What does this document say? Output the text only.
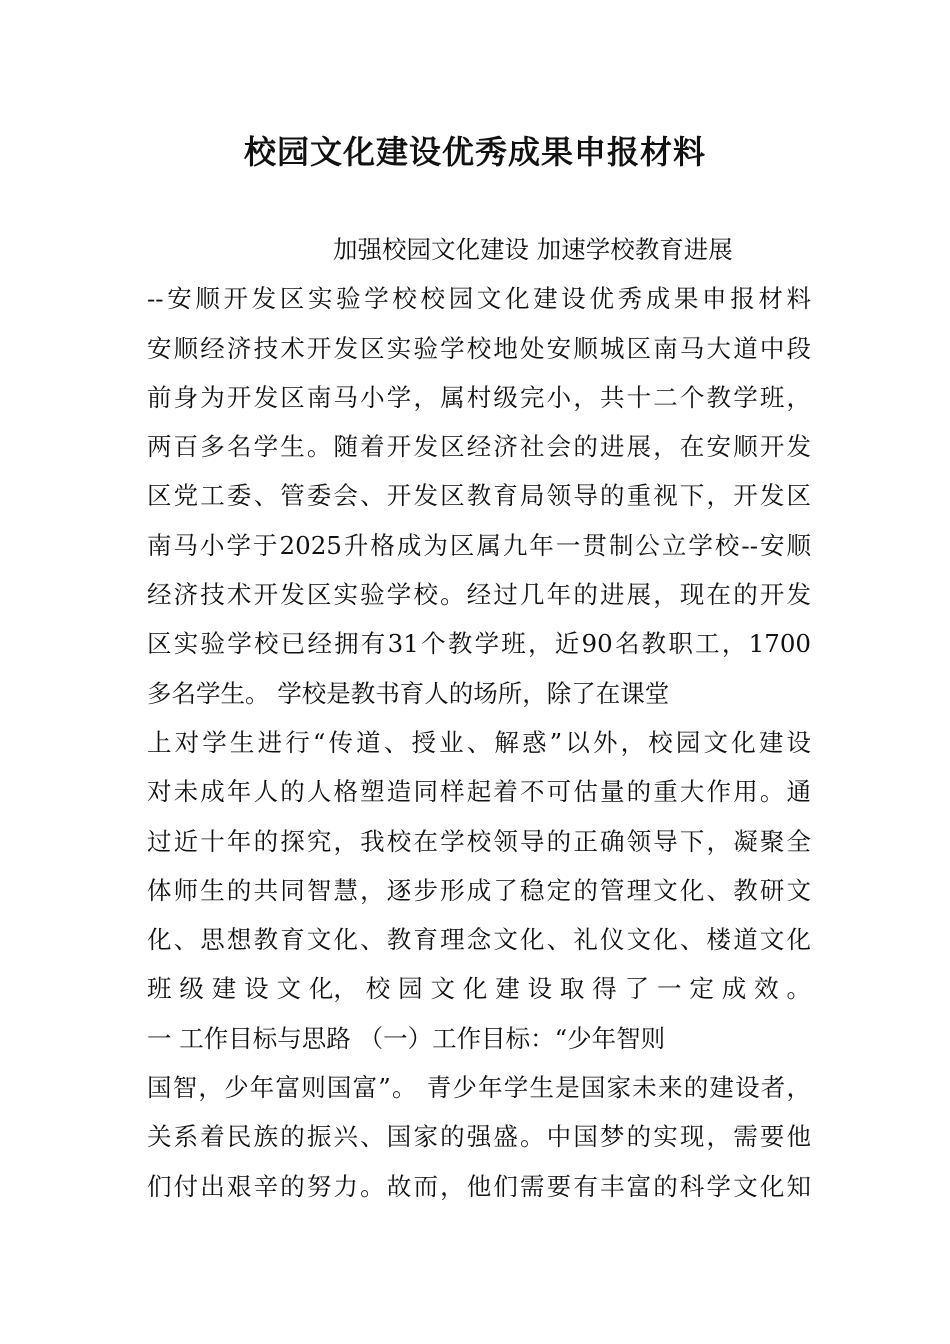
校园文化建设优秀成果申报材料
加强校园文化建设 加速学校教育进展
--安顺开发区实验学校校园文化建设优秀成果申报材料
安顺经济技术开发区实验学校地处安顺城区南马大道中段
前身为开发区南马小学，属村级完小，共十二个教学班，
两百多名学生。随着开发区经济社会的进展，在安顺开发
区党工委、管委会、开发区教育局领导的重视下，开发区
南马小学于2025升格成为区属九年一贯制公立学校--安顺
经济技术开发区实验学校。经过几年的进展，现在的开发
区实验学校已经拥有31个教学班，近90名教职工，1700
多名学生。 学校是教书育人的场所，除了在课堂
上对学生进行“传道、授业、解惑”以外，校园文化建设
对未成年人的人格塑造同样起着不可估量的重大作用。通
过近十年的探究，我校在学校领导的正确领导下，凝聚全
体师生的共同智慧，逐步形成了稳定的管理文化、教研文
化、思想教育文化、教育理念文化、礼仪文化、楼道文化
班 级 建 设 文 化， 校 园 文 化 建 设 取 得 了 一 定 成 效 。
一 工作目标与思路 （一）工作目标：“少年智则
国智，少年富则国富”。 青少年学生是国家未来的建设者，
关系着民族的振兴、国家的强盛。中国梦的实现，需要他
们付出艰辛的努力。故而，他们需要有丰富的科学文化知
